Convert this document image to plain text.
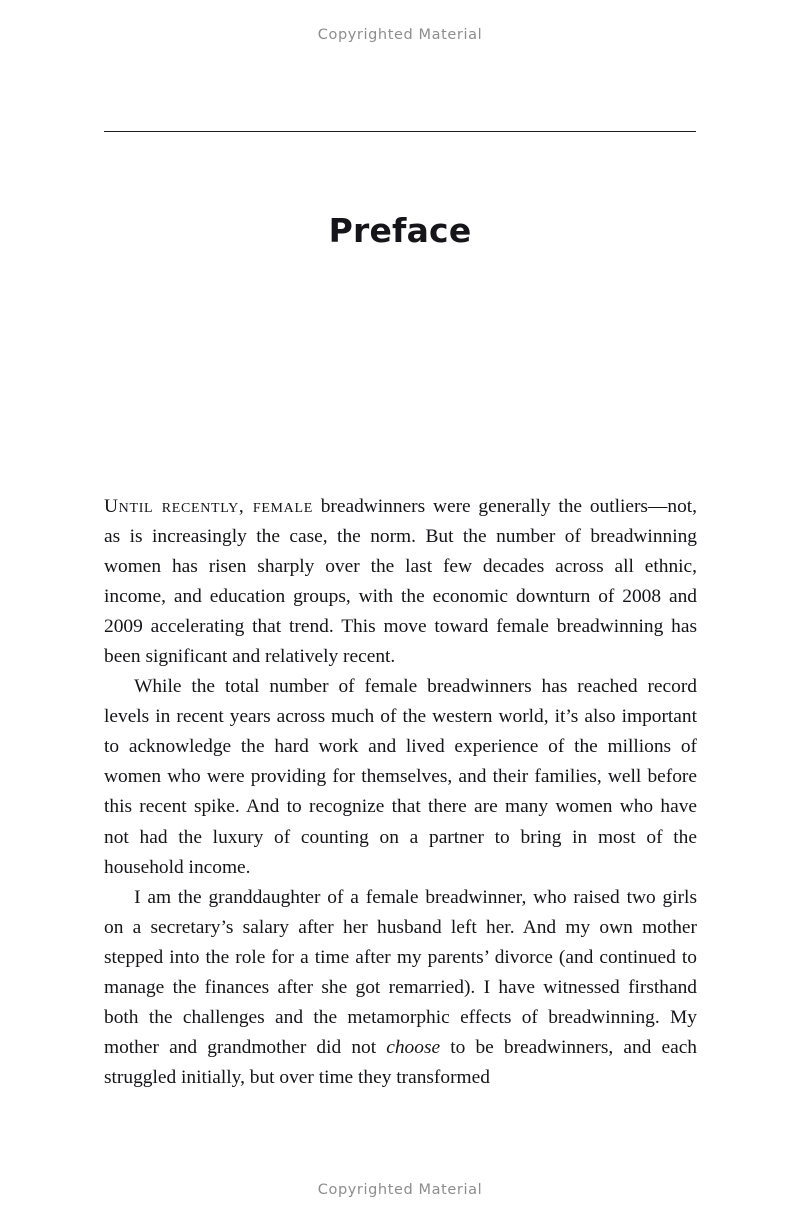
Copyrighted Material
Preface

Until recently, female breadwinners were generally the outliers—not, as is increasingly the case, the norm. But the number of breadwinning women has risen sharply over the last few decades across all ethnic, income, and education groups, with the economic downturn of 2008 and 2009 accelerating that trend. This move toward female breadwinning has been significant and relatively recent.

While the total number of female breadwinners has reached record levels in recent years across much of the western world, it’s also important to acknowledge the hard work and lived experience of the millions of women who were providing for themselves, and their families, well before this recent spike. And to recognize that there are many women who have not had the luxury of counting on a partner to bring in most of the household income.

I am the granddaughter of a female breadwinner, who raised two girls on a secretary’s salary after her husband left her. And my own mother stepped into the role for a time after my parents’ divorce (and continued to manage the finances after she got remarried). I have witnessed firsthand both the challenges and the metamorphic effects of breadwinning. My mother and grandmother did not choose to be breadwinners, and each struggled initially, but over time they transformed

Copyrighted Material
